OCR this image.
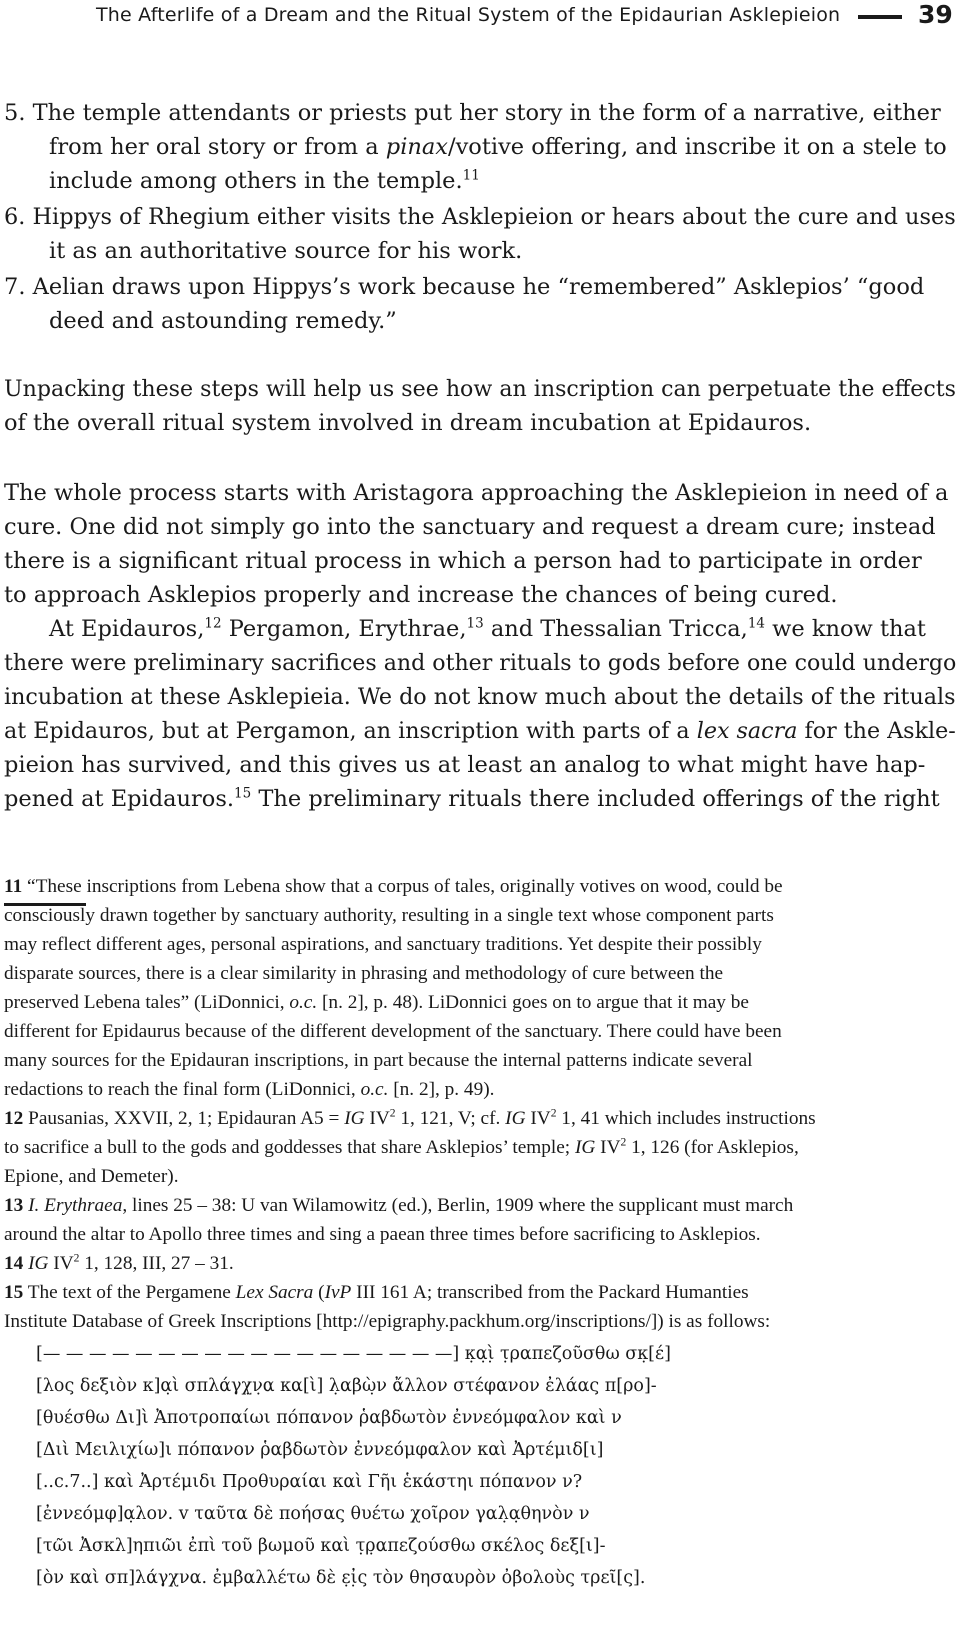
The Afterlife of a Dream and the Ritual System of the Epidaurian Asklepieion	39
5. The temple attendants or priests put her story in the form of a narrative, either
from her oral story or from a pinax/votive offering, and inscribe it on a stele to
include among others in the temple.$^{11}$
6. Hippys of Rhegium either visits the Asklepieion or hears about the cure and uses
it as an authoritative source for his work.
7. Aelian draws upon Hippys’s work because he “remembered” Asklepios’ “good
deed and astounding remedy.”
Unpacking these steps will help us see how an inscription can perpetuate the effects
of the overall ritual system involved in dream incubation at Epidauros.
The whole process starts with Aristagora approaching the Asklepieion in need of a
cure. One did not simply go into the sanctuary and request a dream cure; instead
there is a significant ritual process in which a person had to participate in order
to approach Asklepios properly and increase the chances of being cured.
At Epidauros,$^{12}$ Pergamon, Erythrae,$^{13}$ and Thessalian Tricca,$^{14}$ we know that
there were preliminary sacrifices and other rituals to gods before one could undergo
incubation at these Asklepieia. We do not know much about the details of the rituals
at Epidauros, but at Pergamon, an inscription with parts of a lex sacra for the Askle-
pieion has survived, and this gives us at least an analog to what might have hap-
pened at Epidauros.$^{15}$ The preliminary rituals there included offerings of the right
11 “These inscriptions from Lebena show that a corpus of tales, originally votives on wood, could be
consciously drawn together by sanctuary authority, resulting in a single text whose component parts
may reflect different ages, personal aspirations, and sanctuary traditions. Yet despite their possibly
disparate sources, there is a clear similarity in phrasing and methodology of cure between the
preserved Lebena tales” (LiDonnici, o.c. [n. 2], p. 48). LiDonnici goes on to argue that it may be
different for Epidaurus because of the different development of the sanctuary. There could have been
many sources for the Epidauran inscriptions, in part because the internal patterns indicate several
redactions to reach the final form (LiDonnici, o.c. [n. 2], p. 49).
12 Pausanias, XXVII, 2, 1; Epidauran A5 = IG $IV^2$ 1, 121, V; cf. IG $IV^2$ 1, 41 which includes instructions
to sacrifice a bull to the gods and goddesses that share Asklepios’ temple; IG $IV^2$ 1, 126 (for Asklepios,
Epione, and Demeter).
13 I. Erythraea, lines 25 – 38: U van Wilamowitz (ed.), Berlin, 1909 where the supplicant must march
around the altar to Apollo three times and sing a paean three times before sacrificing to Asklepios.
14 IG $IV^2$ 1, 128, III, 27 – 31.
15 The text of the Pergamene Lex Sacra (IvP III 161 A; transcribed from the Packard Humanties
Institute Database of Greek Inscriptions [http://epigraphy.packhum.org/inscriptions/]) is as follows:
[— — — — — — — — — — — — — — — — — —] κ̣α̣ὶ̣ τ̣ραπεζοῦσθω σκ̣[έ]
[λος δεξιὸν κ]α̣ὶ σπλάγχ̣ν̣α κα[ὶ] λ̣αβὼ̣ν ἄλλον στέφανον ἐλάας π[ρο]-
[θυέσθω Δι]ὶ Ἀποτροπαίωι πόπανον ῥαβδωτὸν ἐννεόμφαλον καὶ ν
[Διὶ Μειλιχίω]ι πόπανον ῥαβδωτὸν ἐννεόμφαλον καὶ Ἀρτέμιδ[ι]
[..c.7..] καὶ Ἀρτέμιδι Προθυραίαι καὶ Γῆι ἑκάστηι πόπανον ν?
[ἐννεόμφ]α̣λον. v ταῦτα δὲ ποήσας θυέτω χοῖρον γαλ̣α̣θηνὸν ν
[τῶι Ἀσκλ]ηπιῶι ἐπὶ τοῦ βωμοῦ καὶ τ̣ρ̣απεζούσθω σκέλος δεξ[ι]-
[ὸν καὶ σπ]λάγχνα. ἐμβαλλέτω δὲ ε̣ἰ̣ς τὸν θησαυρὸν ὀβολοὺς τρεῖ[ς].
